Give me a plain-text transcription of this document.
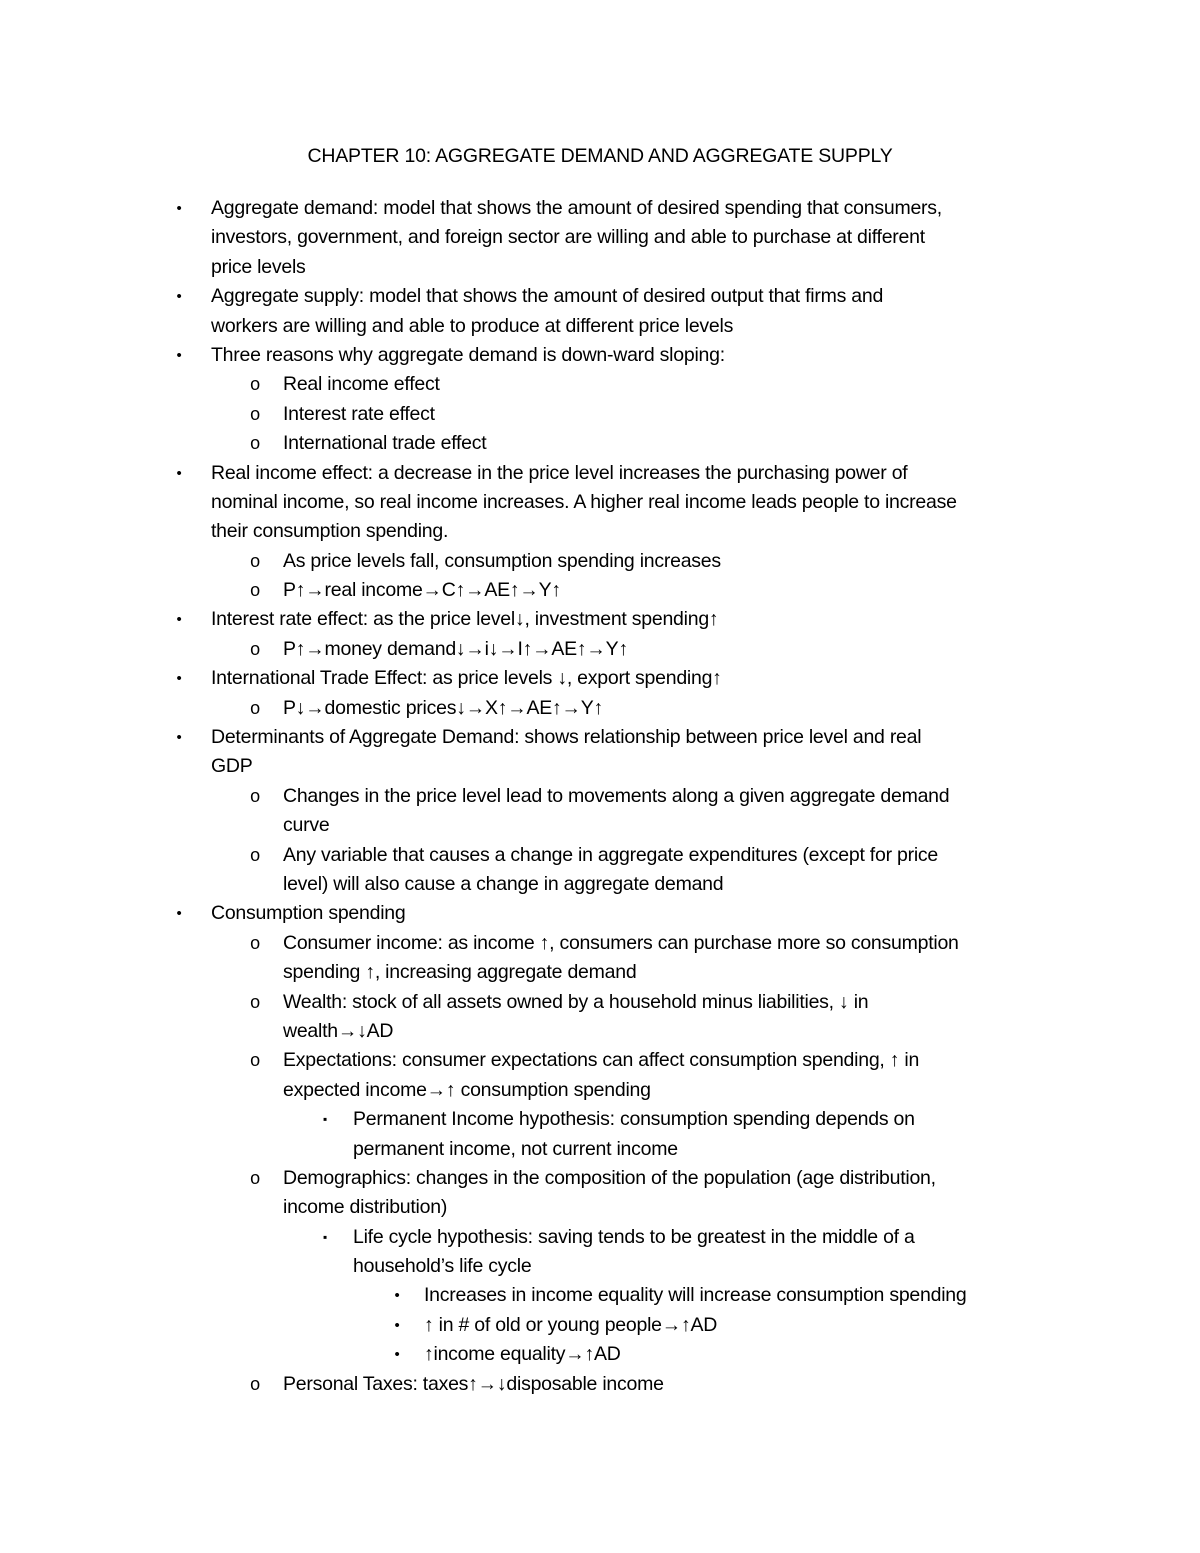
CHAPTER 10: AGGREGATE DEMAND AND AGGREGATE SUPPLY
•	Aggregate demand: model that shows the amount of desired spending that consumers,
investors, government, and foreign sector are willing and able to purchase at different
price levels
•	Aggregate supply: model that shows the amount of desired output that firms and
workers are willing and able to produce at different price levels
•	Three reasons why aggregate demand is down-ward sloping:
o	Real income effect
o	Interest rate effect
o	International trade effect
•	Real income effect: a decrease in the price level increases the purchasing power of
nominal income, so real income increases. A higher real income leads people to increase
their consumption spending.
o	As price levels fall, consumption spending increases
o	P↑→real income→C↑→AE↑→Y↑
•	Interest rate effect: as the price level↓, investment spending↑
o	P↑→money demand↓→i↓→I↑→AE↑→Y↑
•	International Trade Effect: as price levels ↓, export spending↑
o	P↓→domestic prices↓→X↑→AE↑→Y↑
•	Determinants of Aggregate Demand: shows relationship between price level and real
GDP
o	Changes in the price level lead to movements along a given aggregate demand
curve
o	Any variable that causes a change in aggregate expenditures (except for price
level) will also cause a change in aggregate demand
•	Consumption spending
o	Consumer income: as income ↑, consumers can purchase more so consumption
spending ↑, increasing aggregate demand
o	Wealth: stock of all assets owned by a household minus liabilities, ↓ in
wealth→↓AD
o	Expectations: consumer expectations can affect consumption spending, ↑ in
expected income→↑ consumption spending
▪	Permanent Income hypothesis: consumption spending depends on
permanent income, not current income
o	Demographics: changes in the composition of the population (age distribution,
income distribution)
▪	Life cycle hypothesis: saving tends to be greatest in the middle of a
household’s life cycle
•	Increases in income equality will increase consumption spending
•	↑ in # of old or young people→↑AD
•	↑income equality→↑AD
o	Personal Taxes: taxes↑→↓disposable income
